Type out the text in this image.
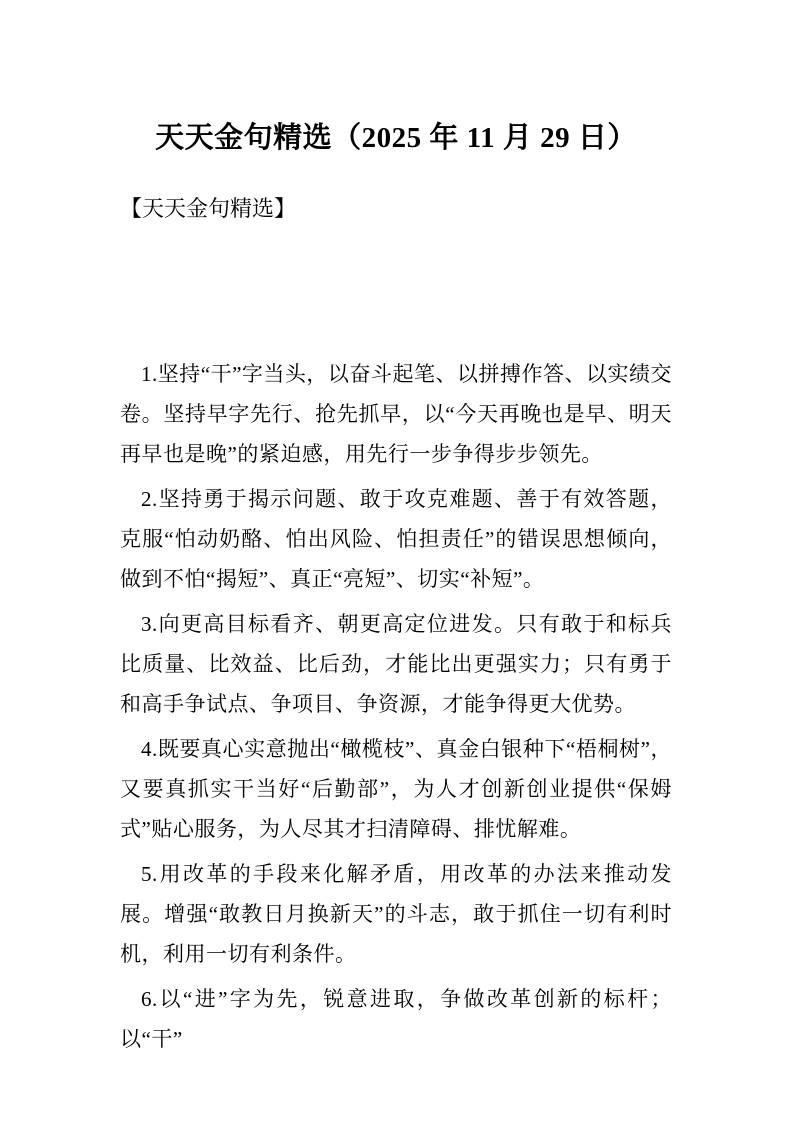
天天金句精选（2025 年 11 月 29 日）

【天天金句精选】

1.坚持“干”字当头，以奋斗起笔、以拼搏作答、以实绩交卷。坚持早字先行、抢先抓早，以“今天再晚也是早、明天再早也是晚”的紧迫感，用先行一步争得步步领先。

2.坚持勇于揭示问题、敢于攻克难题、善于有效答题，克服“怕动奶酪、怕出风险、怕担责任”的错误思想倾向，做到不怕“揭短”、真正“亮短”、切实“补短”。

3.向更高目标看齐、朝更高定位进发。只有敢于和标兵比质量、比效益、比后劲，才能比出更强实力；只有勇于和高手争试点、争项目、争资源，才能争得更大优势。

4.既要真心实意抛出“橄榄枝”、真金白银种下“梧桐树”，又要真抓实干当好“后勤部”，为人才创新创业提供“保姆式”贴心服务，为人尽其才扫清障碍、排忧解难。

5.用改革的手段来化解矛盾，用改革的办法来推动发展。增强“敢教日月换新天”的斗志，敢于抓住一切有利时机，利用一切有利条件。

6.以“进”字为先，锐意进取，争做改革创新的标杆；以“干”
